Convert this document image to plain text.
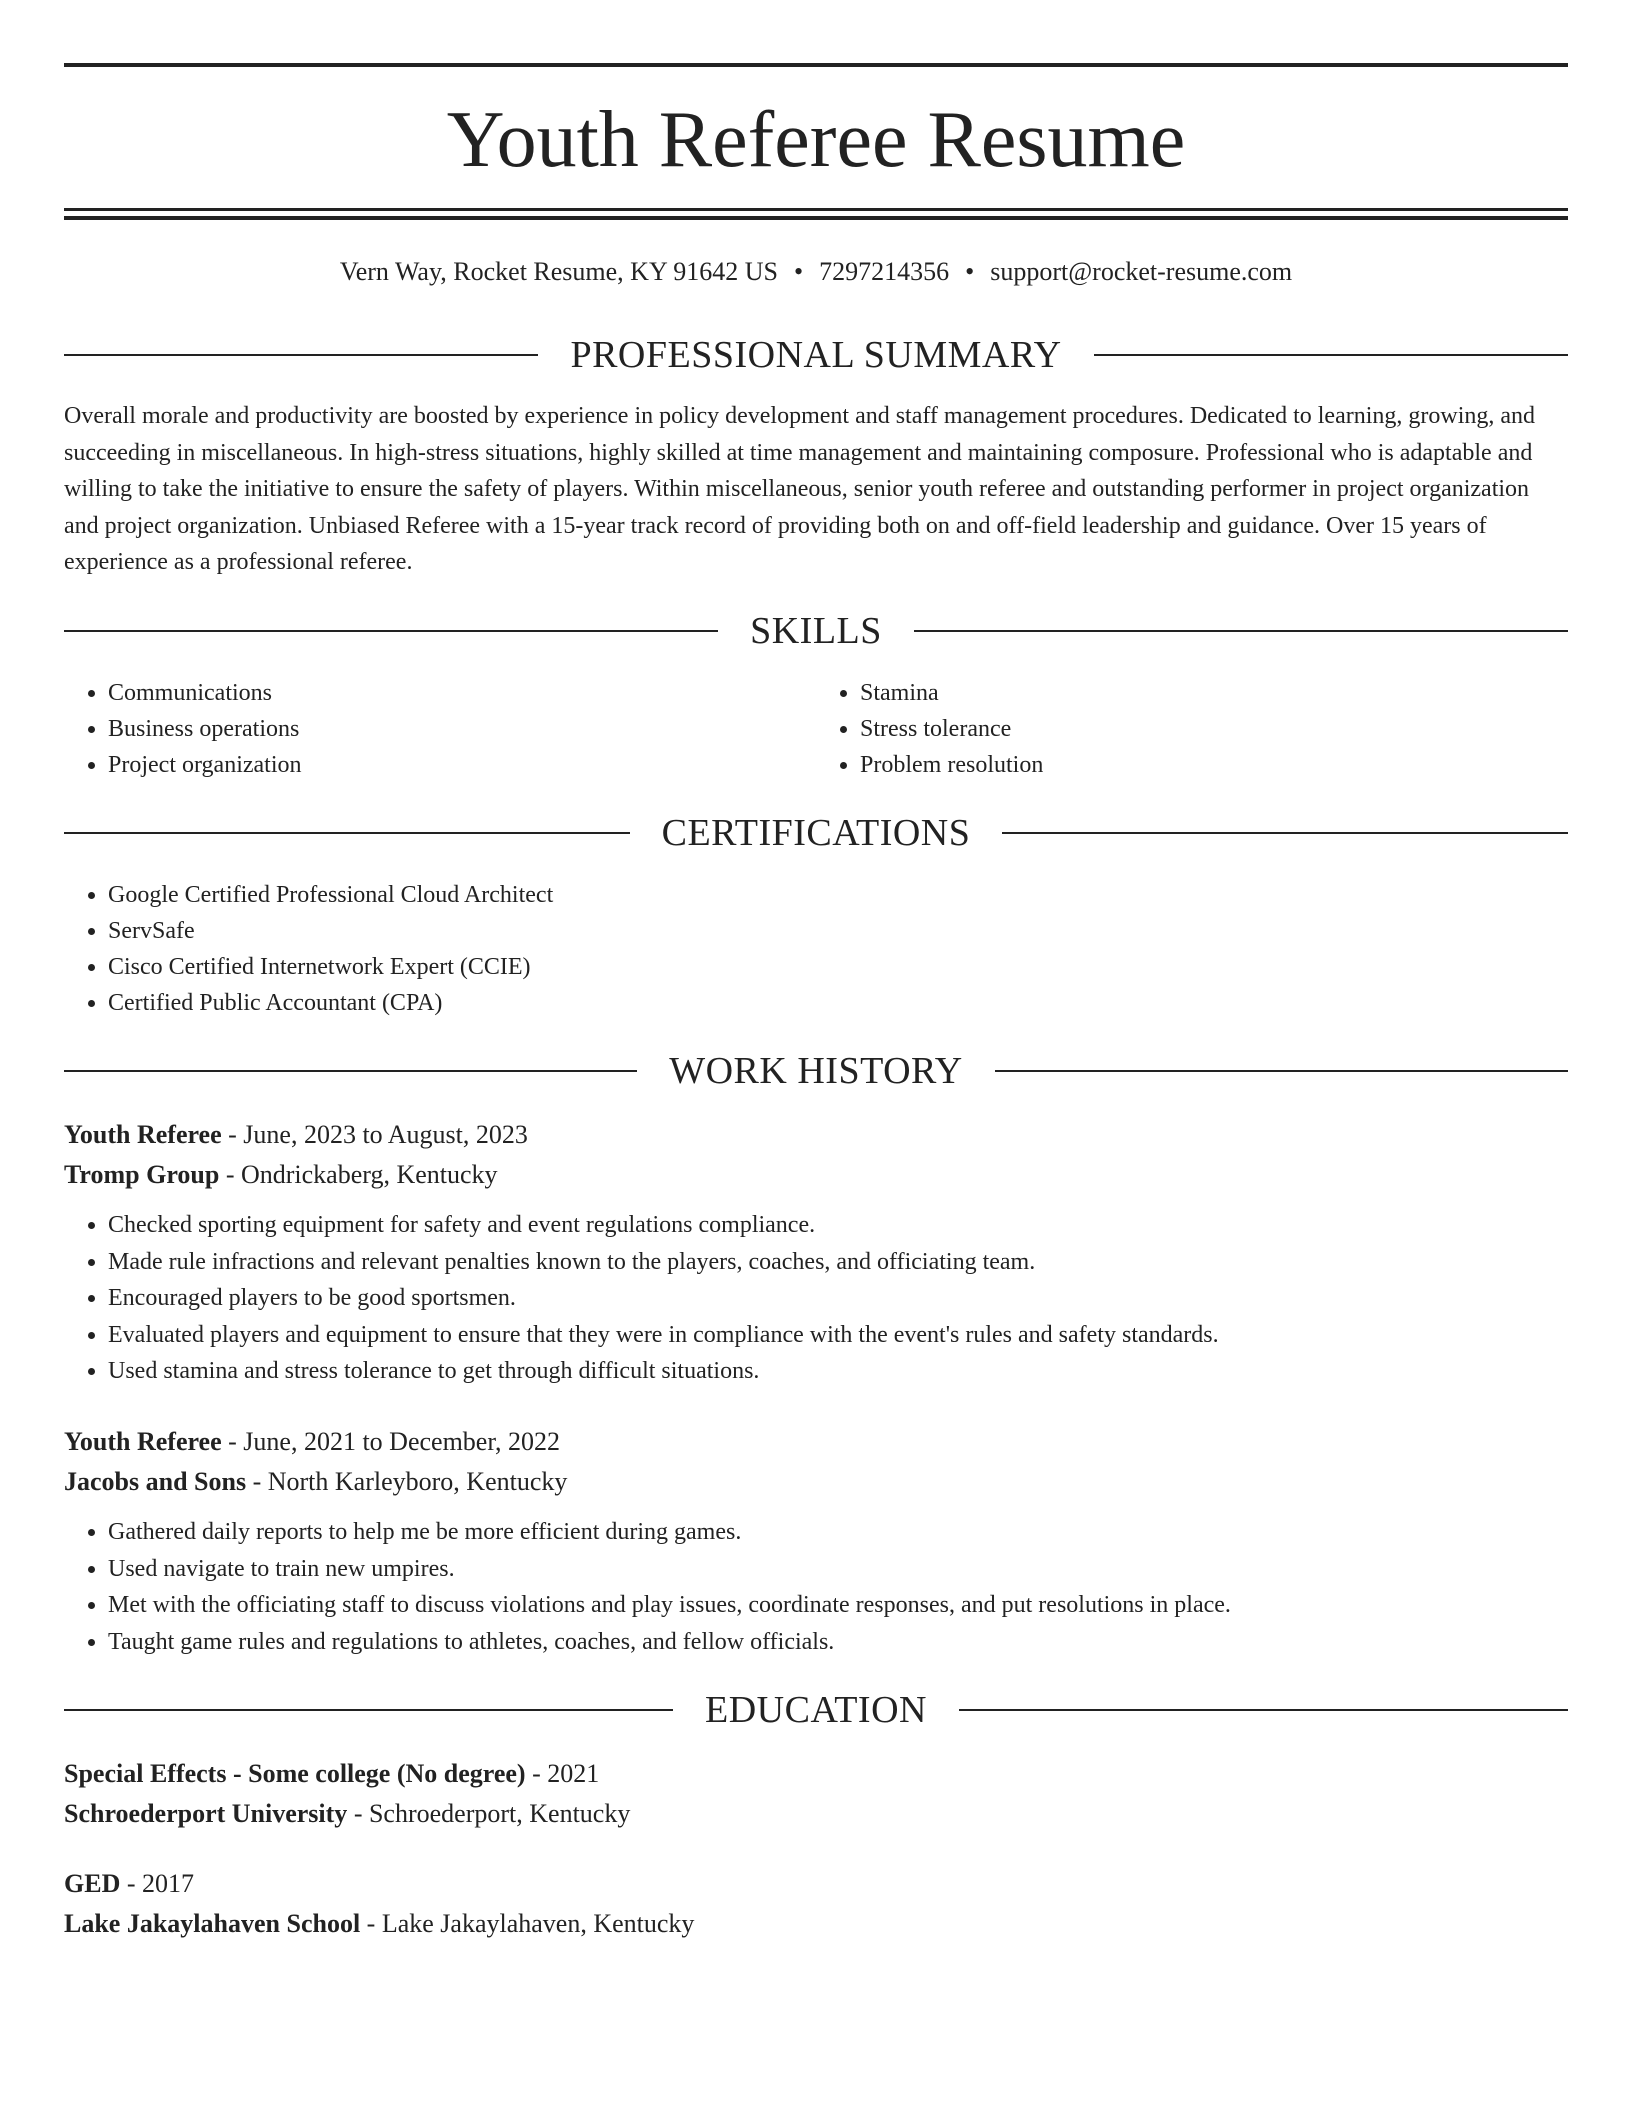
Youth Referee Resume
Vern Way, Rocket Resume, KY 91642 US • 7297214356 • support@rocket-resume.com
PROFESSIONAL SUMMARY

Overall morale and productivity are boosted by experience in policy development and staff management procedures. Dedicated to learning, growing, and succeeding in miscellaneous. In high-stress situations, highly skilled at time management and maintaining composure. Professional who is adaptable and willing to take the initiative to ensure the safety of players. Within miscellaneous, senior youth referee and outstanding performer in project organization and project organization. Unbiased Referee with a 15-year track record of providing both on and off-field leadership and guidance. Over 15 years of experience as a professional referee.

SKILLS
• Communications
• Business operations
• Project organization
• Stamina
• Stress tolerance
• Problem resolution
CERTIFICATIONS
• Google Certified Professional Cloud Architect
• ServSafe
• Cisco Certified Internetwork Expert (CCIE)
• Certified Public Accountant (CPA)
WORK HISTORY
Youth Referee - June, 2023 to August, 2023
Tromp Group - Ondrickaberg, Kentucky
• Checked sporting equipment for safety and event regulations compliance.
• Made rule infractions and relevant penalties known to the players, coaches, and officiating team.
• Encouraged players to be good sportsmen.
• Evaluated players and equipment to ensure that they were in compliance with the event's rules and safety standards.
• Used stamina and stress tolerance to get through difficult situations.
Youth Referee - June, 2021 to December, 2022
Jacobs and Sons - North Karleyboro, Kentucky
• Gathered daily reports to help me be more efficient during games.
• Used navigate to train new umpires.
• Met with the officiating staff to discuss violations and play issues, coordinate responses, and put resolutions in place.
• Taught game rules and regulations to athletes, coaches, and fellow officials.
EDUCATION
Special Effects - Some college (No degree) - 2021
Schroederport University - Schroederport, Kentucky
GED - 2017
Lake Jakaylahaven School - Lake Jakaylahaven, Kentucky
